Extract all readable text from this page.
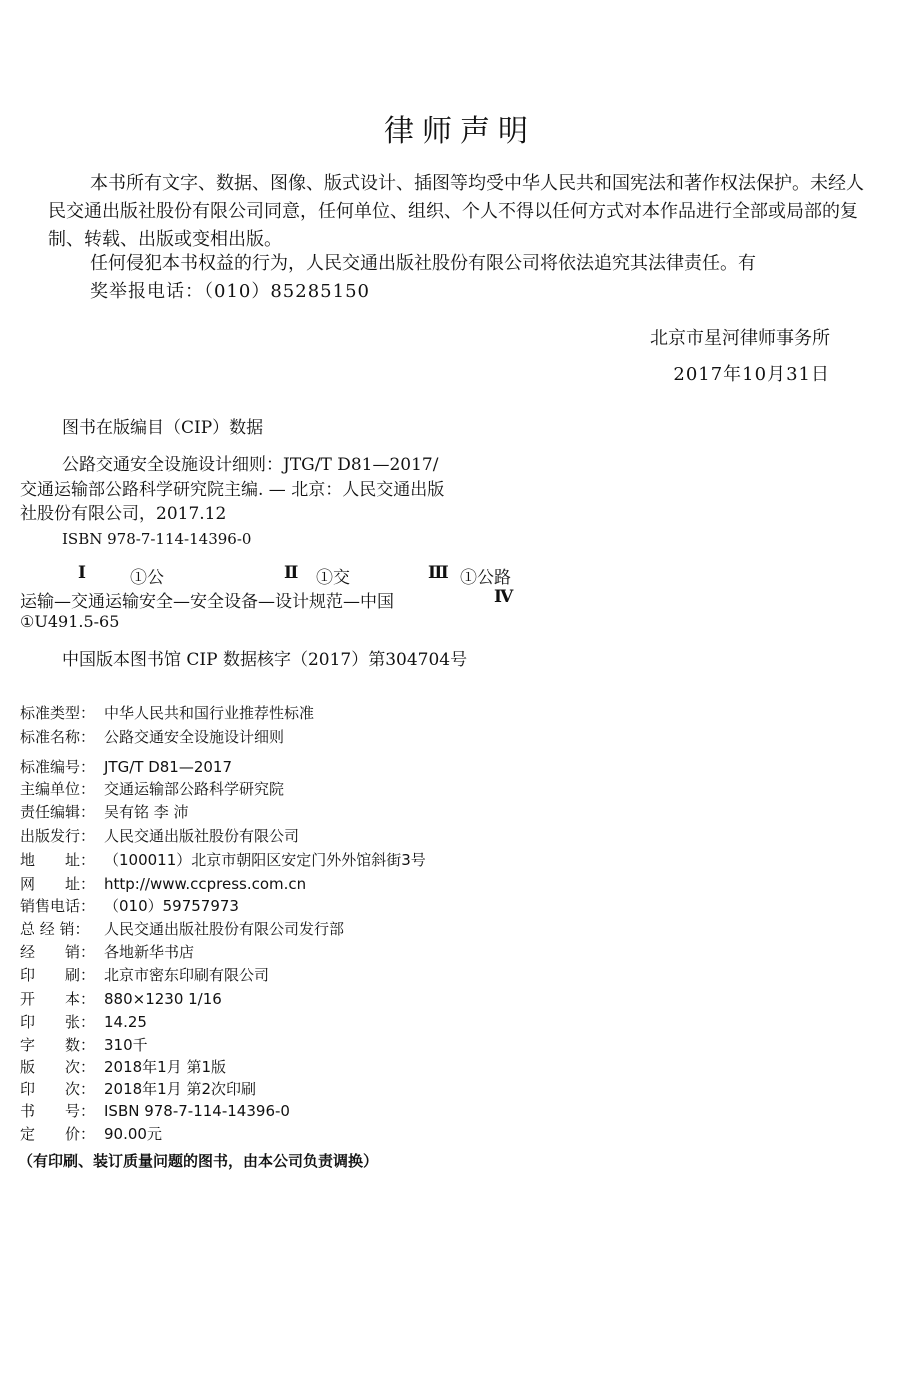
律师声明
本书所有文字、数据、图像、版式设计、插图等均受中华人民共和国宪法和著作权法保护。未经人民交通出版社股份有限公司同意，任何单位、组织、个人不得以任何方式对本作品进行全部或局部的复制、转载、出版或变相出版。
任何侵犯本书权益的行为，人民交通出版社股份有限公司将依法追究其法律责任。有
奖举报电话：（010）85285150
北京市星河律师事务所
2017年10月31日
图书在版编目（CIP）数据
公路交通安全设施设计细则：JTG/T D81—2017/
交通运输部公路科学研究院主编. — 北京：人民交通出版
社股份有限公司，2017.12
ISBN 978-7-114-14396-0
Ⅰ	①公	Ⅱ ①交	Ⅲ ①公路
运输—交通运输安全—安全设备—设计规范—中国	Ⅳ
①U491.5-65
中国版本图书馆 CIP 数据核字（2017）第304704号
标准类型： 中华人民共和国行业推荐性标准
标准名称： 公路交通安全设施设计细则
标准编号： JTG/T D81—2017
主编单位： 交通运输部公路科学研究院
责任编辑： 吴有铭 李 沛
出版发行： 人民交通出版社股份有限公司
地　　址： （100011）北京市朝阳区安定门外外馆斜街3号
网　　址： http://www.ccpress.com.cn
销售电话： （010）59757973
总 经 销： 人民交通出版社股份有限公司发行部
经　　销： 各地新华书店
印　　刷： 北京市密东印刷有限公司
开　　本： 880×1230 1/16
印　　张： 14.25
字　　数： 310千
版　　次： 2018年1月 第1版
印　　次： 2018年1月 第2次印刷
书　　号： ISBN 978-7-114-14396-0
定　　价： 90.00元
（有印刷、装订质量问题的图书，由本公司负责调换）
